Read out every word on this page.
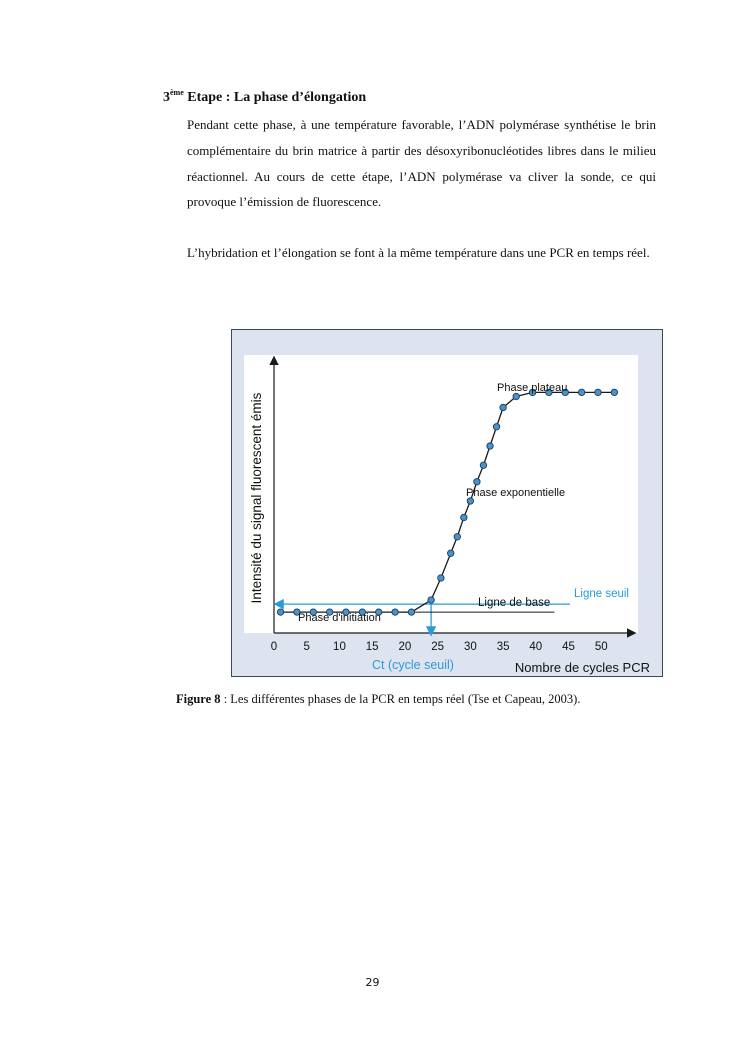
3ème Etape : La phase d’élongation
Pendant cette phase, à une température favorable, l’ADN polymérase synthétise le brin complémentaire du brin matrice à partir des désoxyribonucléotides libres dans le milieu réactionnel. Au cours de cette étape, l’ADN polymérase va cliver la sonde, ce qui provoque l’émission de fluorescence.
L’hybridation et l’élongation se font à la même température dans une PCR en temps réel.
0 5 10 15 20 25 30 35 40 45 50
Intensité du signal fluorescent émis
Nombre de cycles PCR
Phase plateau
Phase exponentielle
Ligne seuil
Ligne de base
Phase d'initiation
Ct (cycle seuil)
Figure 8 : Les différentes phases de la PCR en temps réel (Tse et Capeau, 2003).
29
